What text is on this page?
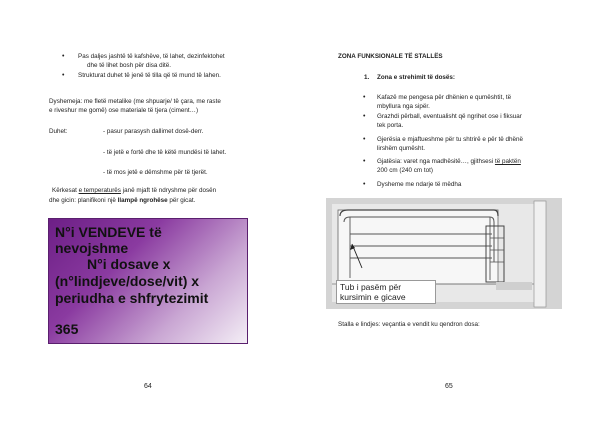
• Pas daljes jashtë të kafshëve, të lahet, dezinfektohet
dhe të lihet bosh për disa ditë.
• Strukturat duhet të jenë të tilla që të mund të lahen.
Dyshemeja: me fletë metalike (me shpuarje/ të çara, me raste
e riveshur me gomë) ose materiale të tjera (ciment…)
Duhet:	- pasur parasysh dallimet dosë-derr.
- të jetë e fortë dhe të këtë mundësi të lahet.
- të mos jetë e dëmshme për të tjerët.
Kërkesat e temperaturës janë mjaft të ndryshme për dosën
dhe gicin: planifikoni një llampë ngrohëse për gicat.
N°i VENDEVE të
nevojshme
N°i dosave x
(n°lindjeve/dose/vit) x
periudha e shfrytezimit
365
64
ZONA FUNKSIONALE TË STALLËS
1. Zona e strehimit të dosës:
• Kafazë me pengesa për dhënien e qumështit, të
mbyllura nga sipër.
• Grazhdi përball, eventualisht që ngrihet ose i fiksuar
tek porta.
• Gjerësia e mjaftueshme për tu shtrirë e për të dhënë
lirshëm qumësht.
• Gjatësia: varet nga madhësitë…, gjithsesi të paktën
200 cm (240 cm tot)
• Dysheme me ndarje të mëdha
Tub i pasëm për
kursimin e gicave
Stalla e lindjes: veçantia e vendit ku qendron dosa:
65
